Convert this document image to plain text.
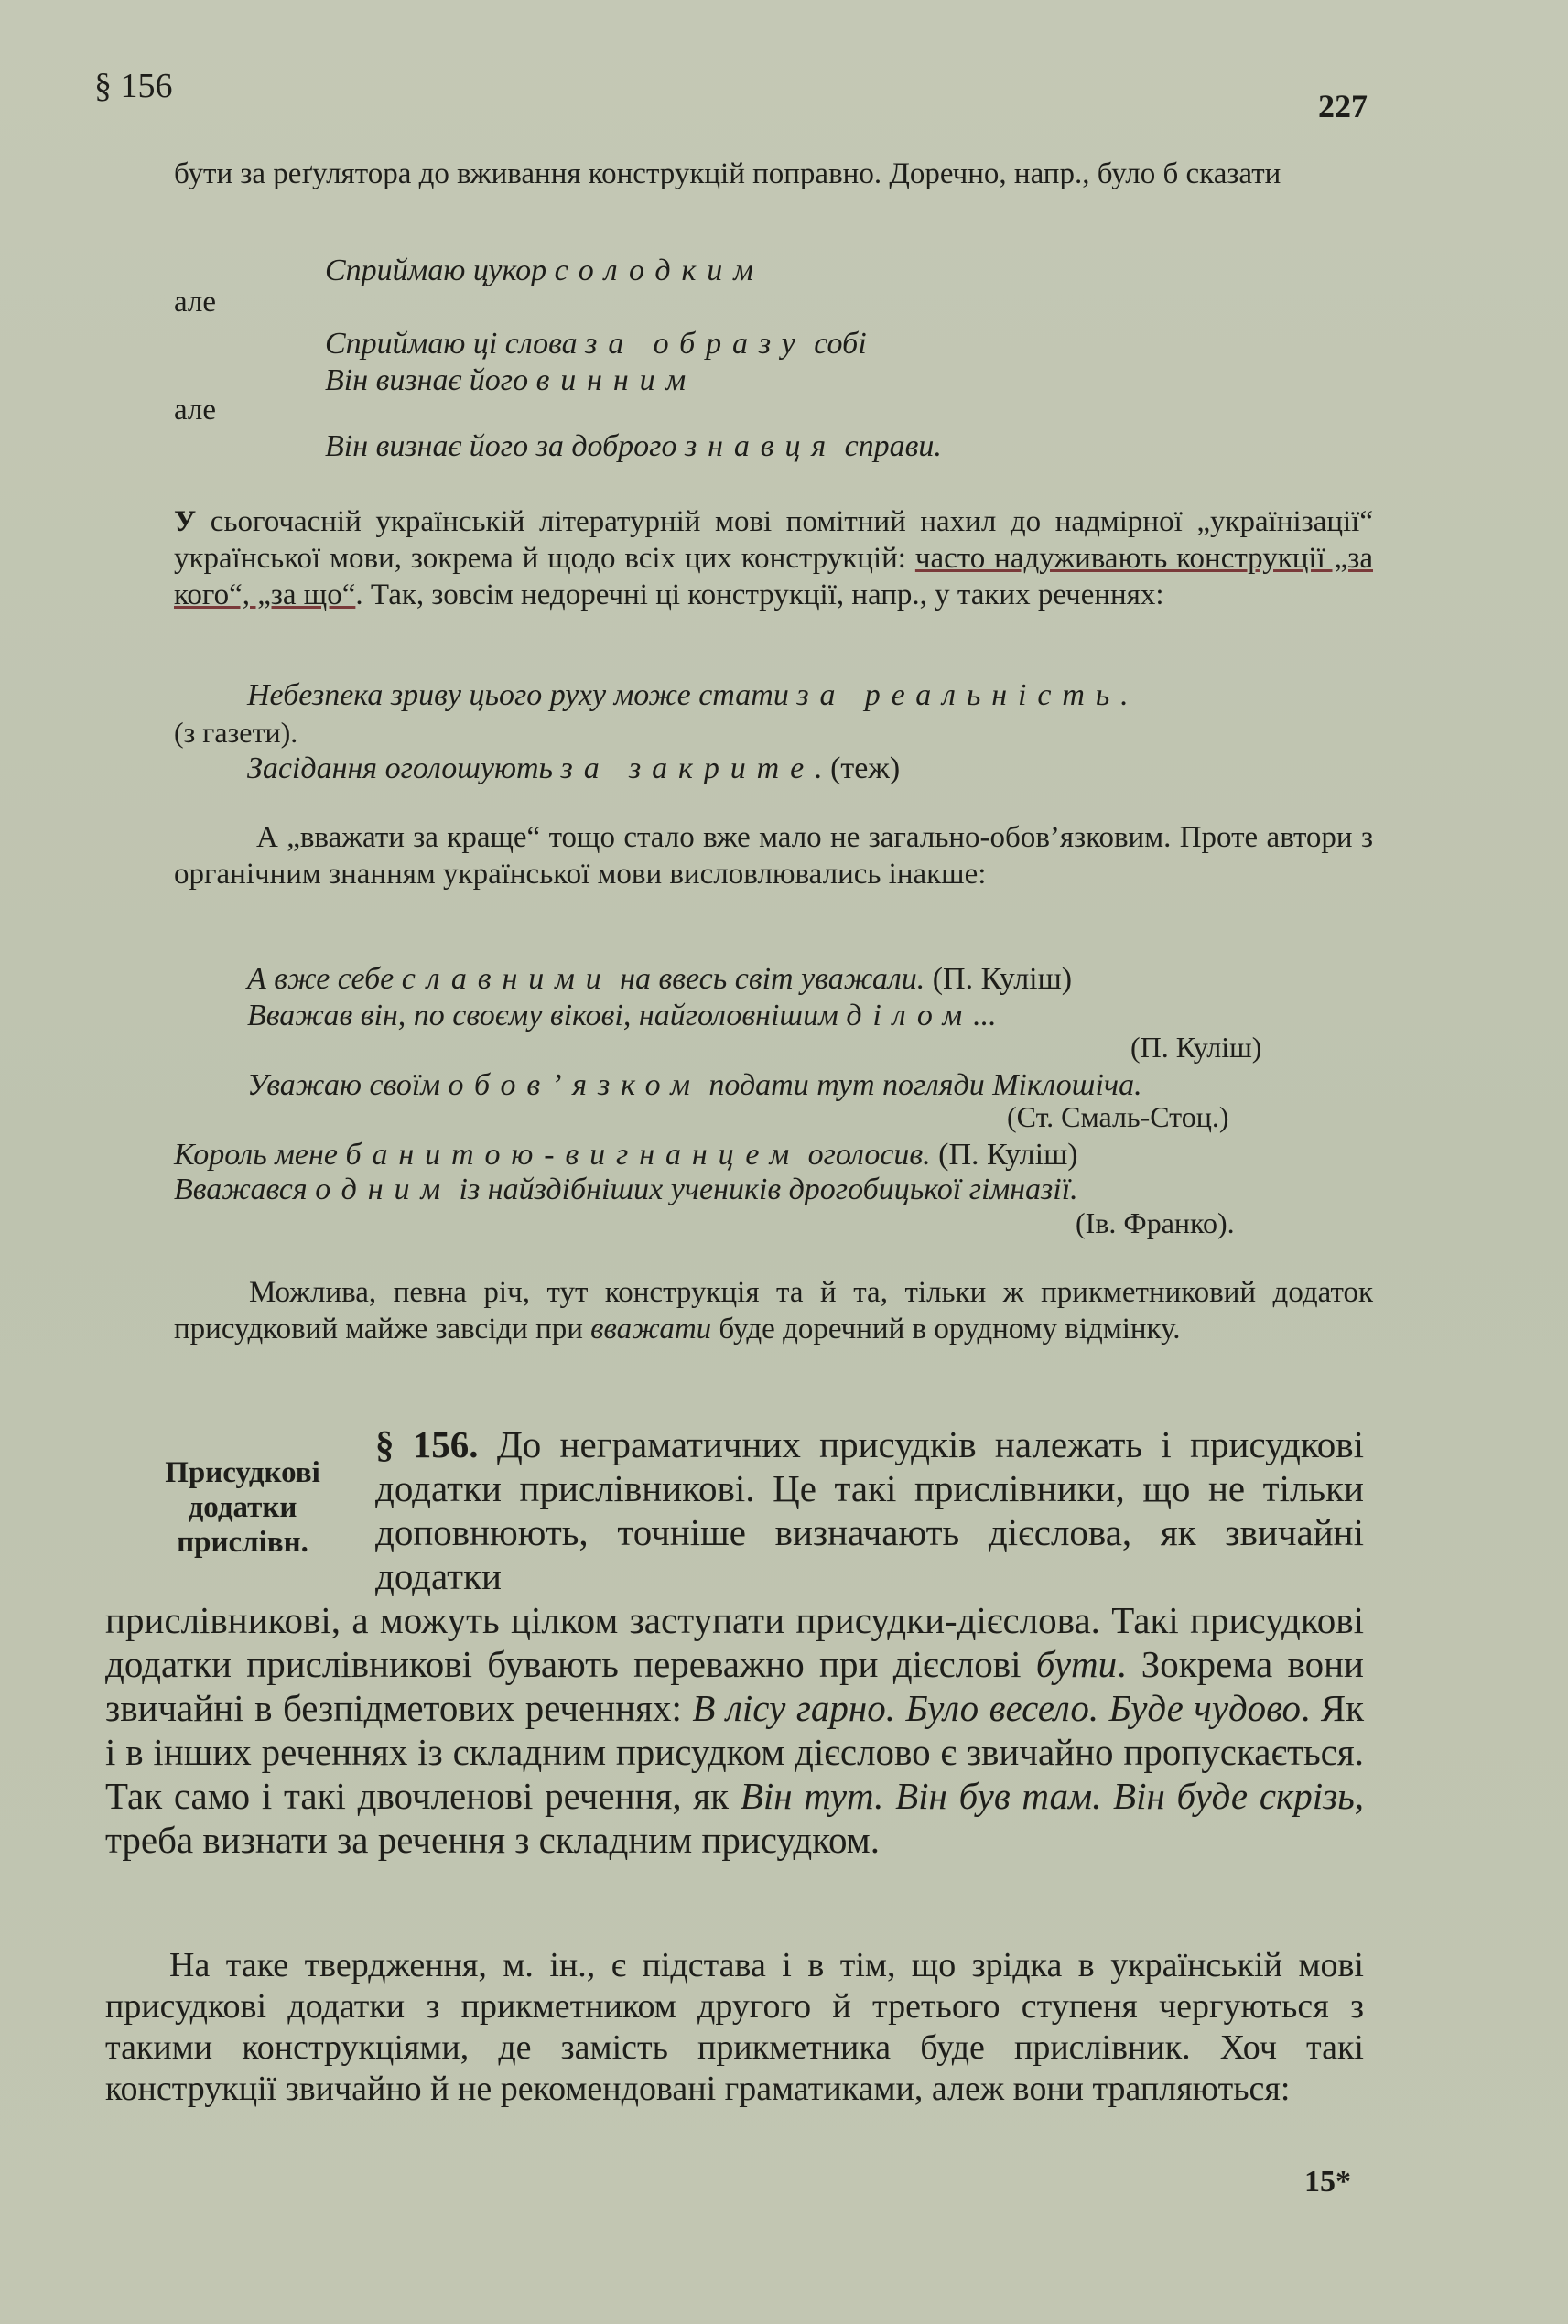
§ 156
227
бути за реґулятора до вживання конструкцій поправно. Доречно, напр., було б сказати
Сприймаю цукор солодким
але
Сприймаю ці слова за образу собі
Він визнає його винним
але
Він визнає його за доброго знавця справи.
У сьогочасній українській літературній мові помітний нахил до надмірної „українізації“ української мови, зокрема й щодо всіх цих конструкцій: часто надуживають конструкції „за кого“, „за що“. Так, зовсім недоречні ці конструкції, напр., у таких реченнях:
Небезпека зриву цього руху може стати за реальність.
(з газети).
Засідання оголошують за закрите. (теж)
А „вважати за краще“ тощо стало вже мало не загально-обов’язковим. Проте автори з органічним знанням української мови висловлювались інакше:
А вже себе славними на ввесь світ уважали. (П. Куліш)
Вважав він, по своєму вікові, найголовнішим ділом...
(П. Куліш)
Уважаю своїм обов’язком подати тут погляди Міклошіча.
(Ст. Смаль-Стоц.)
Король мене банитою-вигнанцем оголосив. (П. Куліш)
Вважався одним із найздібніших учеників дрогобицької гімназії.
(Ів. Франко).
Можлива, певна річ, тут конструкція та й та, тільки ж прикметниковий додаток присудковий майже завсіди при вважати буде доречний в орудному відмінку.
Присудкові
додатки
прислівн.
§ 156. До неграматичних присудків належать і присудкові додатки прислівникові. Це такі прислівники, що не тільки доповнюють, точніше визначають дієслова, як звичайні додатки
прислівникові, а можуть цілком заступати присудки-дієслова. Такі присудкові додатки прислівникові бувають переважно при дієслові бути. Зокрема вони звичайні в безпідметових реченнях: В лісу гарно. Було весело. Буде чудово. Як і в інших реченнях із складним присудком дієслово є звичайно пропускається. Так само і такі двочленові речення, як Він тут. Він був там. Він буде скрізь, треба визнати за речення з складним присудком.
На таке твердження, м. ін., є підстава і в тім, що зрідка в українській мові присудкові додатки з прикметником другого й третього ступеня чергуються з такими конструкціями, де замість прикметника буде прислівник. Хоч такі конструкції звичайно й не рекомендовані граматиками, алеж вони трапляються:
15*
